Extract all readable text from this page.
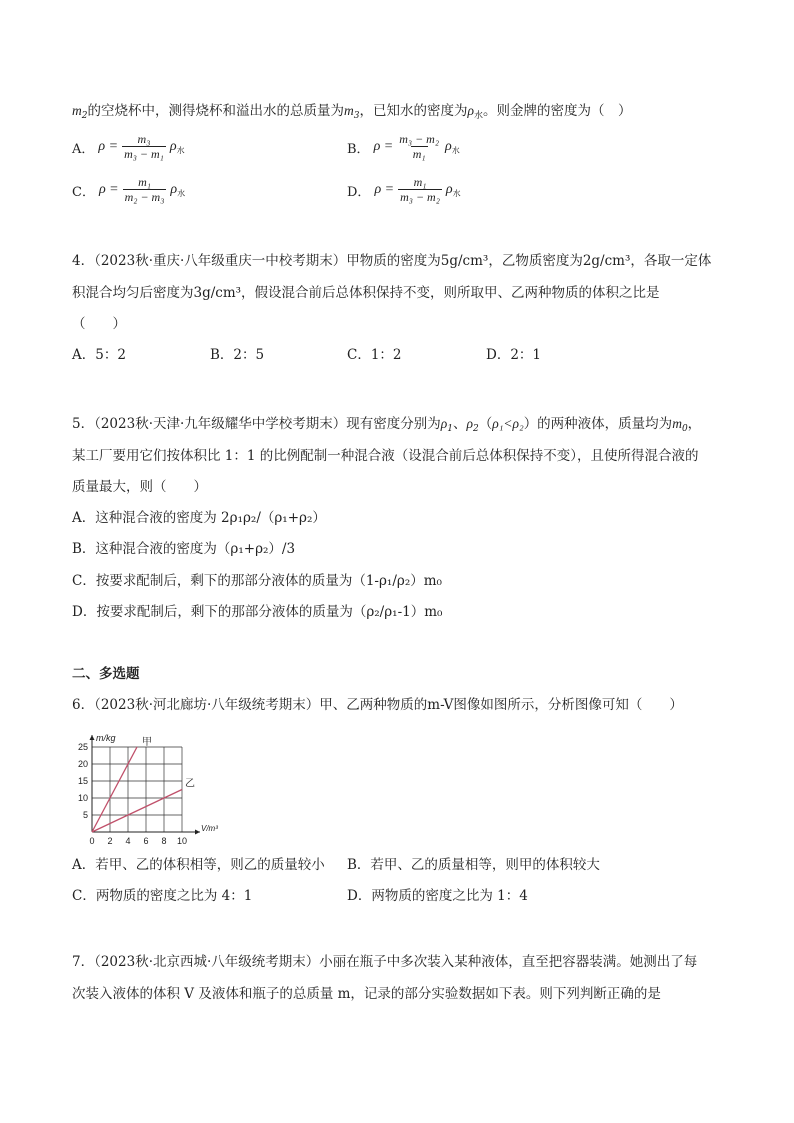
$m_2$的空烧杯中，测得烧杯和溢出水的总质量为$m_3$，已知水的密度为$\rho_水$。则金牌的密度为（　）
A． $\rho = \frac{\text{m₃}}{\text{m₃ − m₁}} \rho_水$	B． $\rho = \frac{\text{m₃ − m₂}}{\text{m₁}} \rho_水$
C． $\rho = \frac{\text{m₁}}{\text{m₂ − m₃}} \rho_水$	D． $\rho = \frac{\text{m₁}}{\text{m₃ − m₂}} \rho_水$
4．（2023秋·重庆·八年级重庆一中校考期末）甲物质的密度为5g/cm³，乙物质密度为2g/cm³，各取一定体
积混合均匀后密度为3g/cm³，假设混合前后总体积保持不变，则所取甲、乙两种物质的体积之比是
（　　）
A．5：2	B．2：5	C．1：2	D．2：1
5．（2023秋·天津·九年级耀华中学校考期末）现有密度分别为$\rho_1$、$\rho_2(\rho_1<\rho_2)$的两种液体，质量均为$m_0$，
某工厂要用它们按体积比 1：1 的比例配制一种混合液（设混合前后总体积保持不变），且使所得混合液的
质量最大，则（　　）
A．这种混合液的密度为 2ρ₁ρ₂/（ρ₁+ρ₂）
B．这种混合液的密度为（ρ₁+ρ₂）/3
C．按要求配制后，剩下的那部分液体的质量为（1-ρ₁/ρ₂）m₀
D．按要求配制后，剩下的那部分液体的质量为（ρ₂/ρ₁-1）m₀
二、多选题
6．（2023秋·河北廊坊·八年级统考期末）甲、乙两种物质的m-V图像如图所示，分析图像可知（　　）
0 2 4 6 8 10
5
10
15
20
25
m/kg
V/m³
甲
乙
A．若甲、乙的体积相等，则乙的质量较小 B．若甲、乙的质量相等，则甲的体积较大
C．两物质的密度之比为 4：1	D．两物质的密度之比为 1：4
7．（2023秋·北京西城·八年级统考期末）小丽在瓶子中多次装入某种液体，直至把容器装满。她测出了每
次装入液体的体积 V 及液体和瓶子的总质量 m，记录的部分实验数据如下表。则下列判断正确的是
